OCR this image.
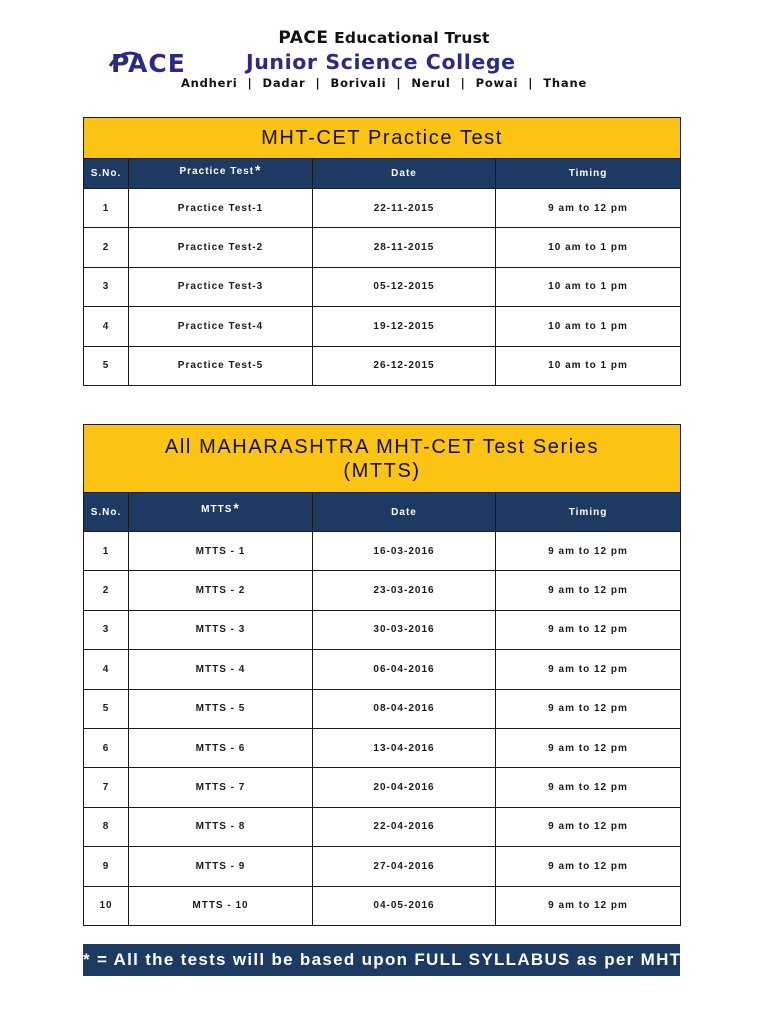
PACE Educational Trust
PACE	Junior Science College
Andheri | Dadar | Borivali | Nerul | Powai | Thane
MHT-CET Practice Test			
S.No.	Practice Test*	Date	Timing
1	Practice Test-1	22-11-2015	9 am to 12 pm
2	Practice Test-2	28-11-2015	10 am to 1 pm
3	Practice Test-3	05-12-2015	10 am to 1 pm
4	Practice Test-4	19-12-2015	10 am to 1 pm
5	Practice Test-5	26-12-2015	10 am to 1 pm
All MAHARASHTRA MHT-CET Test Series
(MTTS)			

S.No.	MTTS*	Date	Timing
1	MTTS - 1	16-03-2016	9 am to 12 pm
2	MTTS - 2	23-03-2016	9 am to 12 pm
3	MTTS - 3	30-03-2016	9 am to 12 pm
4	MTTS - 4	06-04-2016	9 am to 12 pm
5	MTTS - 5	08-04-2016	9 am to 12 pm
6	MTTS - 6	13-04-2016	9 am to 12 pm
7	MTTS - 7	20-04-2016	9 am to 12 pm
8	MTTS - 8	22-04-2016	9 am to 12 pm
9	MTTS - 9	27-04-2016	9 am to 12 pm
10	MTTS - 10	04-05-2016	9 am to 12 pm
* = All the tests will be based upon FULL SYLLABUS as per MHT-CET
